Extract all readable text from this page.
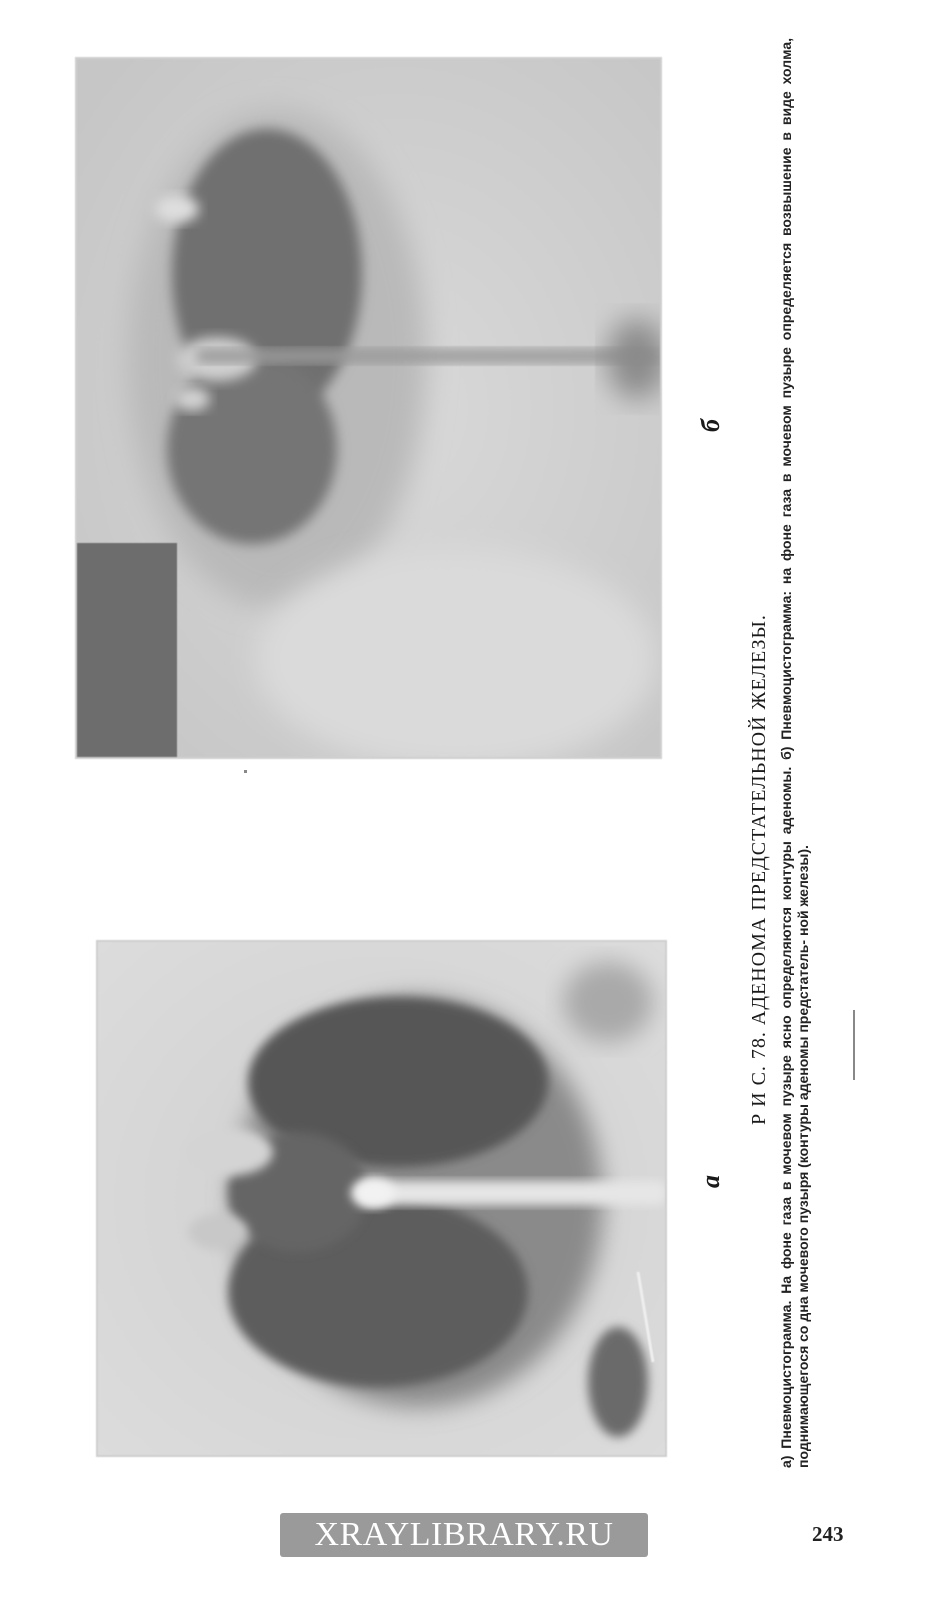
б
а
Р И С. 78. АДЕНОМА ПРЕДСТАТЕЛЬНОЙ ЖЕЛЕЗЫ. а) Пневмоцистограмма. На фоне газа в мочевом пузыре ясно определяются контуры аденомы. б) Пневмоцистограмма: на фоне газа в мочевом пузыре определяется возвышение в виде холма, поднимающегося со дна мочевого пузыря (контуры аденомы предстатель- ной железы).
XRAYLIBRARY.RU	243
